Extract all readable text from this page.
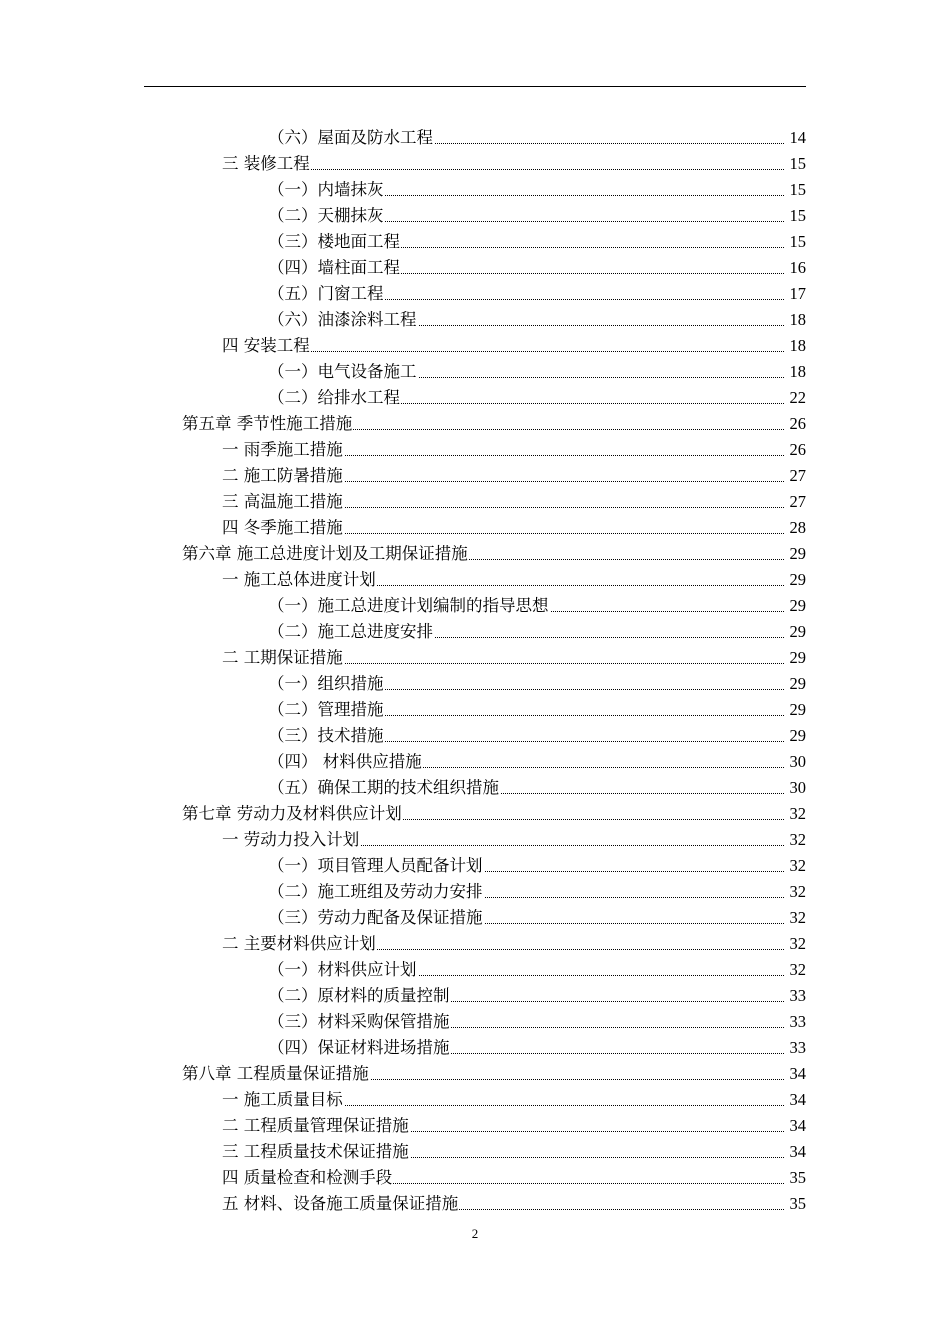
（六）屋面及防水工程	14
三 装修工程	15
（一）内墙抹灰	15
（二）天棚抹灰	15
（三）楼地面工程	15
（四）墙柱面工程	16
（五）门窗工程	17
（六）油漆涂料工程	18
四 安装工程	18
（一）电气设备施工	18
（二）给排水工程	22
第五章 季节性施工措施	26
一 雨季施工措施	26
二 施工防暑措施	27
三 高温施工措施	27
四 冬季施工措施	28
第六章 施工总进度计划及工期保证措施	29
一 施工总体进度计划	29
（一）施工总进度计划编制的指导思想	29
（二）施工总进度安排	29
二 工期保证措施	29
（一）组织措施	29
（二）管理措施	29
（三）技术措施	29
（四） 材料供应措施	30
（五）确保工期的技术组织措施	30
第七章 劳动力及材料供应计划	32
一 劳动力投入计划	32
（一）项目管理人员配备计划	32
（二）施工班组及劳动力安排	32
（三）劳动力配备及保证措施	32
二 主要材料供应计划	32
（一）材料供应计划	32
（二）原材料的质量控制	33
（三）材料采购保管措施	33
（四）保证材料进场措施	33
第八章 工程质量保证措施	34
一 施工质量目标	34
二 工程质量管理保证措施	34
三 工程质量技术保证措施	34
四 质量检查和检测手段	35
五 材料、设备施工质量保证措施	35
2
